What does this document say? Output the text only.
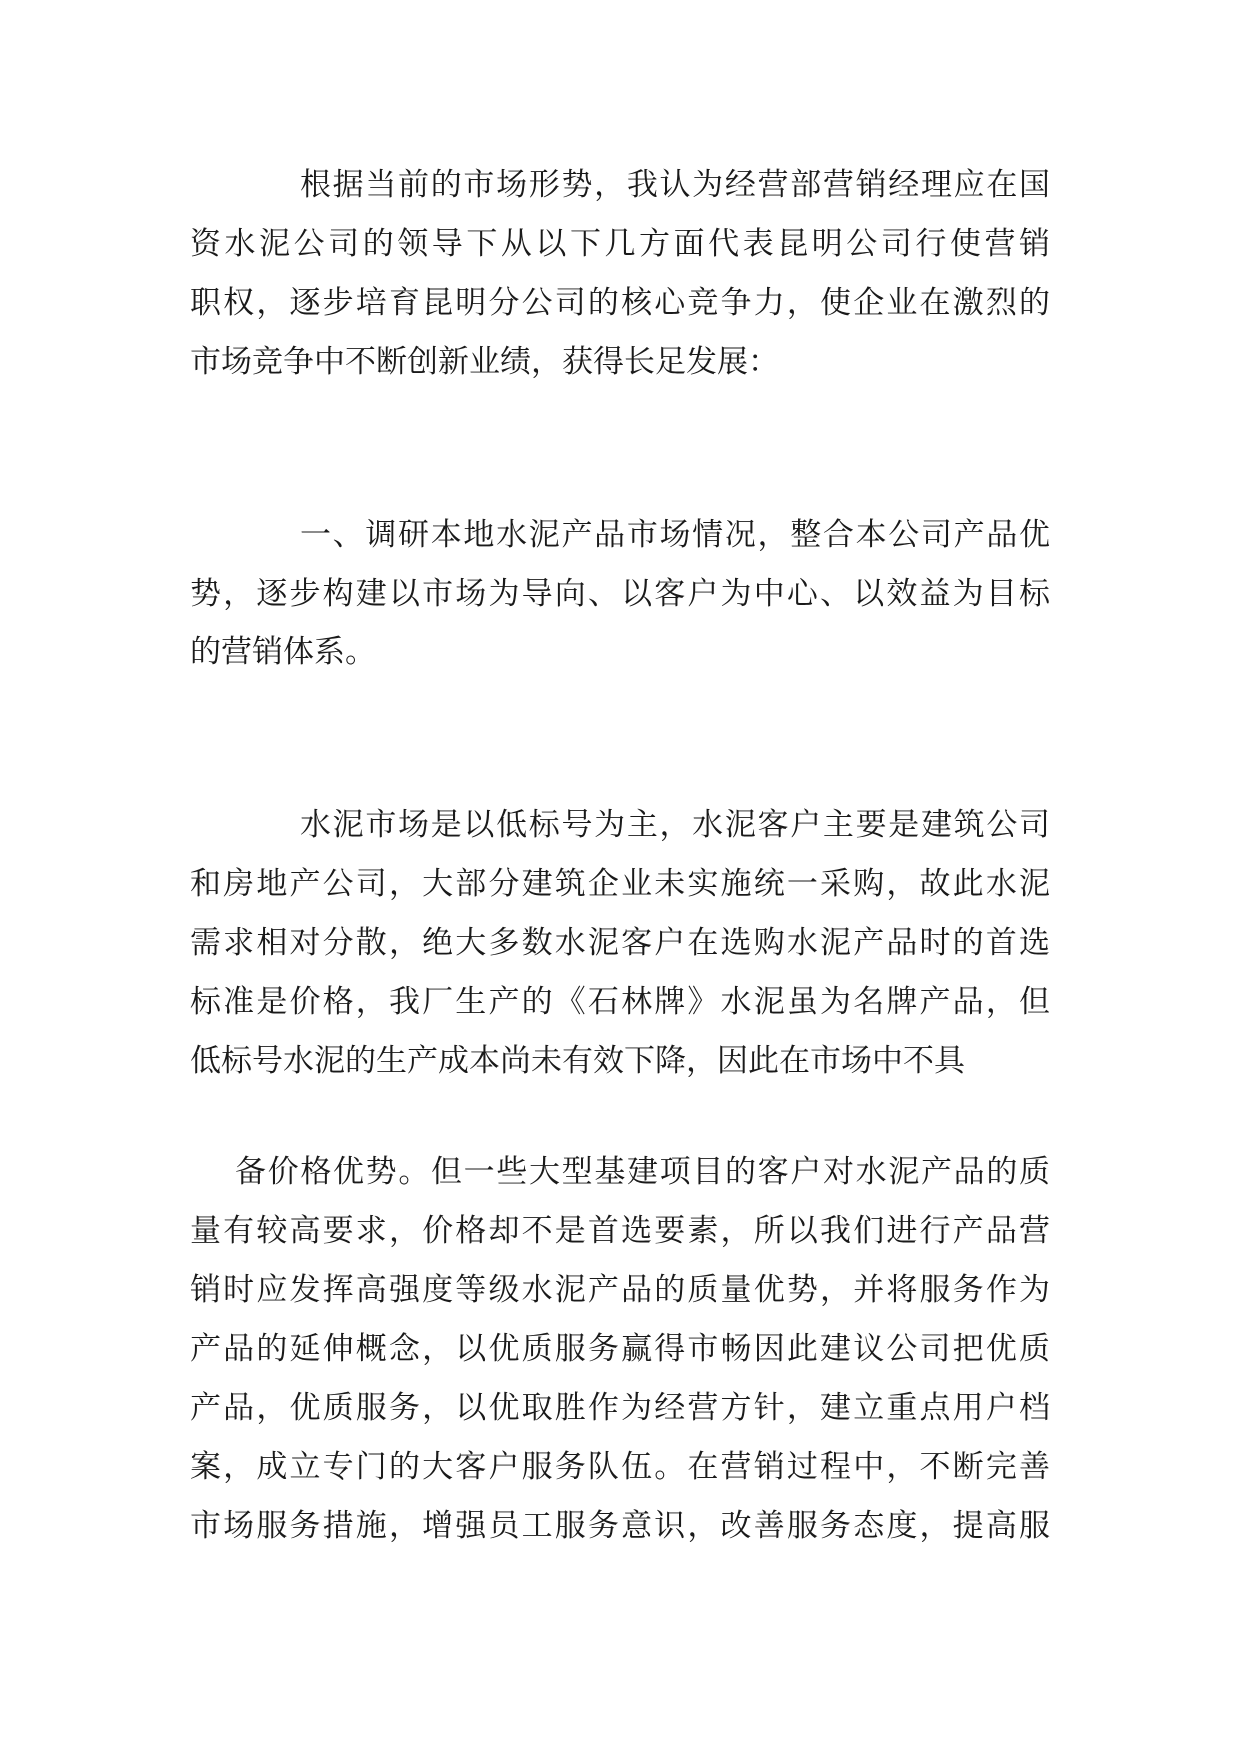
根据当前的市场形势，我认为经营部营销经理应在国
资水泥公司的领导下从以下几方面代表昆明公司行使营销
职权，逐步培育昆明分公司的核心竞争力，使企业在激烈的
市场竞争中不断创新业绩，获得长足发展：
一、调研本地水泥产品市场情况，整合本公司产品优
势，逐步构建以市场为导向、以客户为中心、以效益为目标
的营销体系。
水泥市场是以低标号为主，水泥客户主要是建筑公司
和房地产公司，大部分建筑企业未实施统一采购，故此水泥
需求相对分散，绝大多数水泥客户在选购水泥产品时的首选
标准是价格，我厂生产的《石林牌》水泥虽为名牌产品，但
低标号水泥的生产成本尚未有效下降，因此在市场中不具
备价格优势。但一些大型基建项目的客户对水泥产品的质
量有较高要求，价格却不是首选要素，所以我们进行产品营
销时应发挥高强度等级水泥产品的质量优势，并将服务作为
产品的延伸概念，以优质服务赢得市畅因此建议公司把优质
产品，优质服务，以优取胜作为经营方针，建立重点用户档
案，成立专门的大客户服务队伍。在营销过程中，不断完善
市场服务措施，增强员工服务意识，改善服务态度，提高服
